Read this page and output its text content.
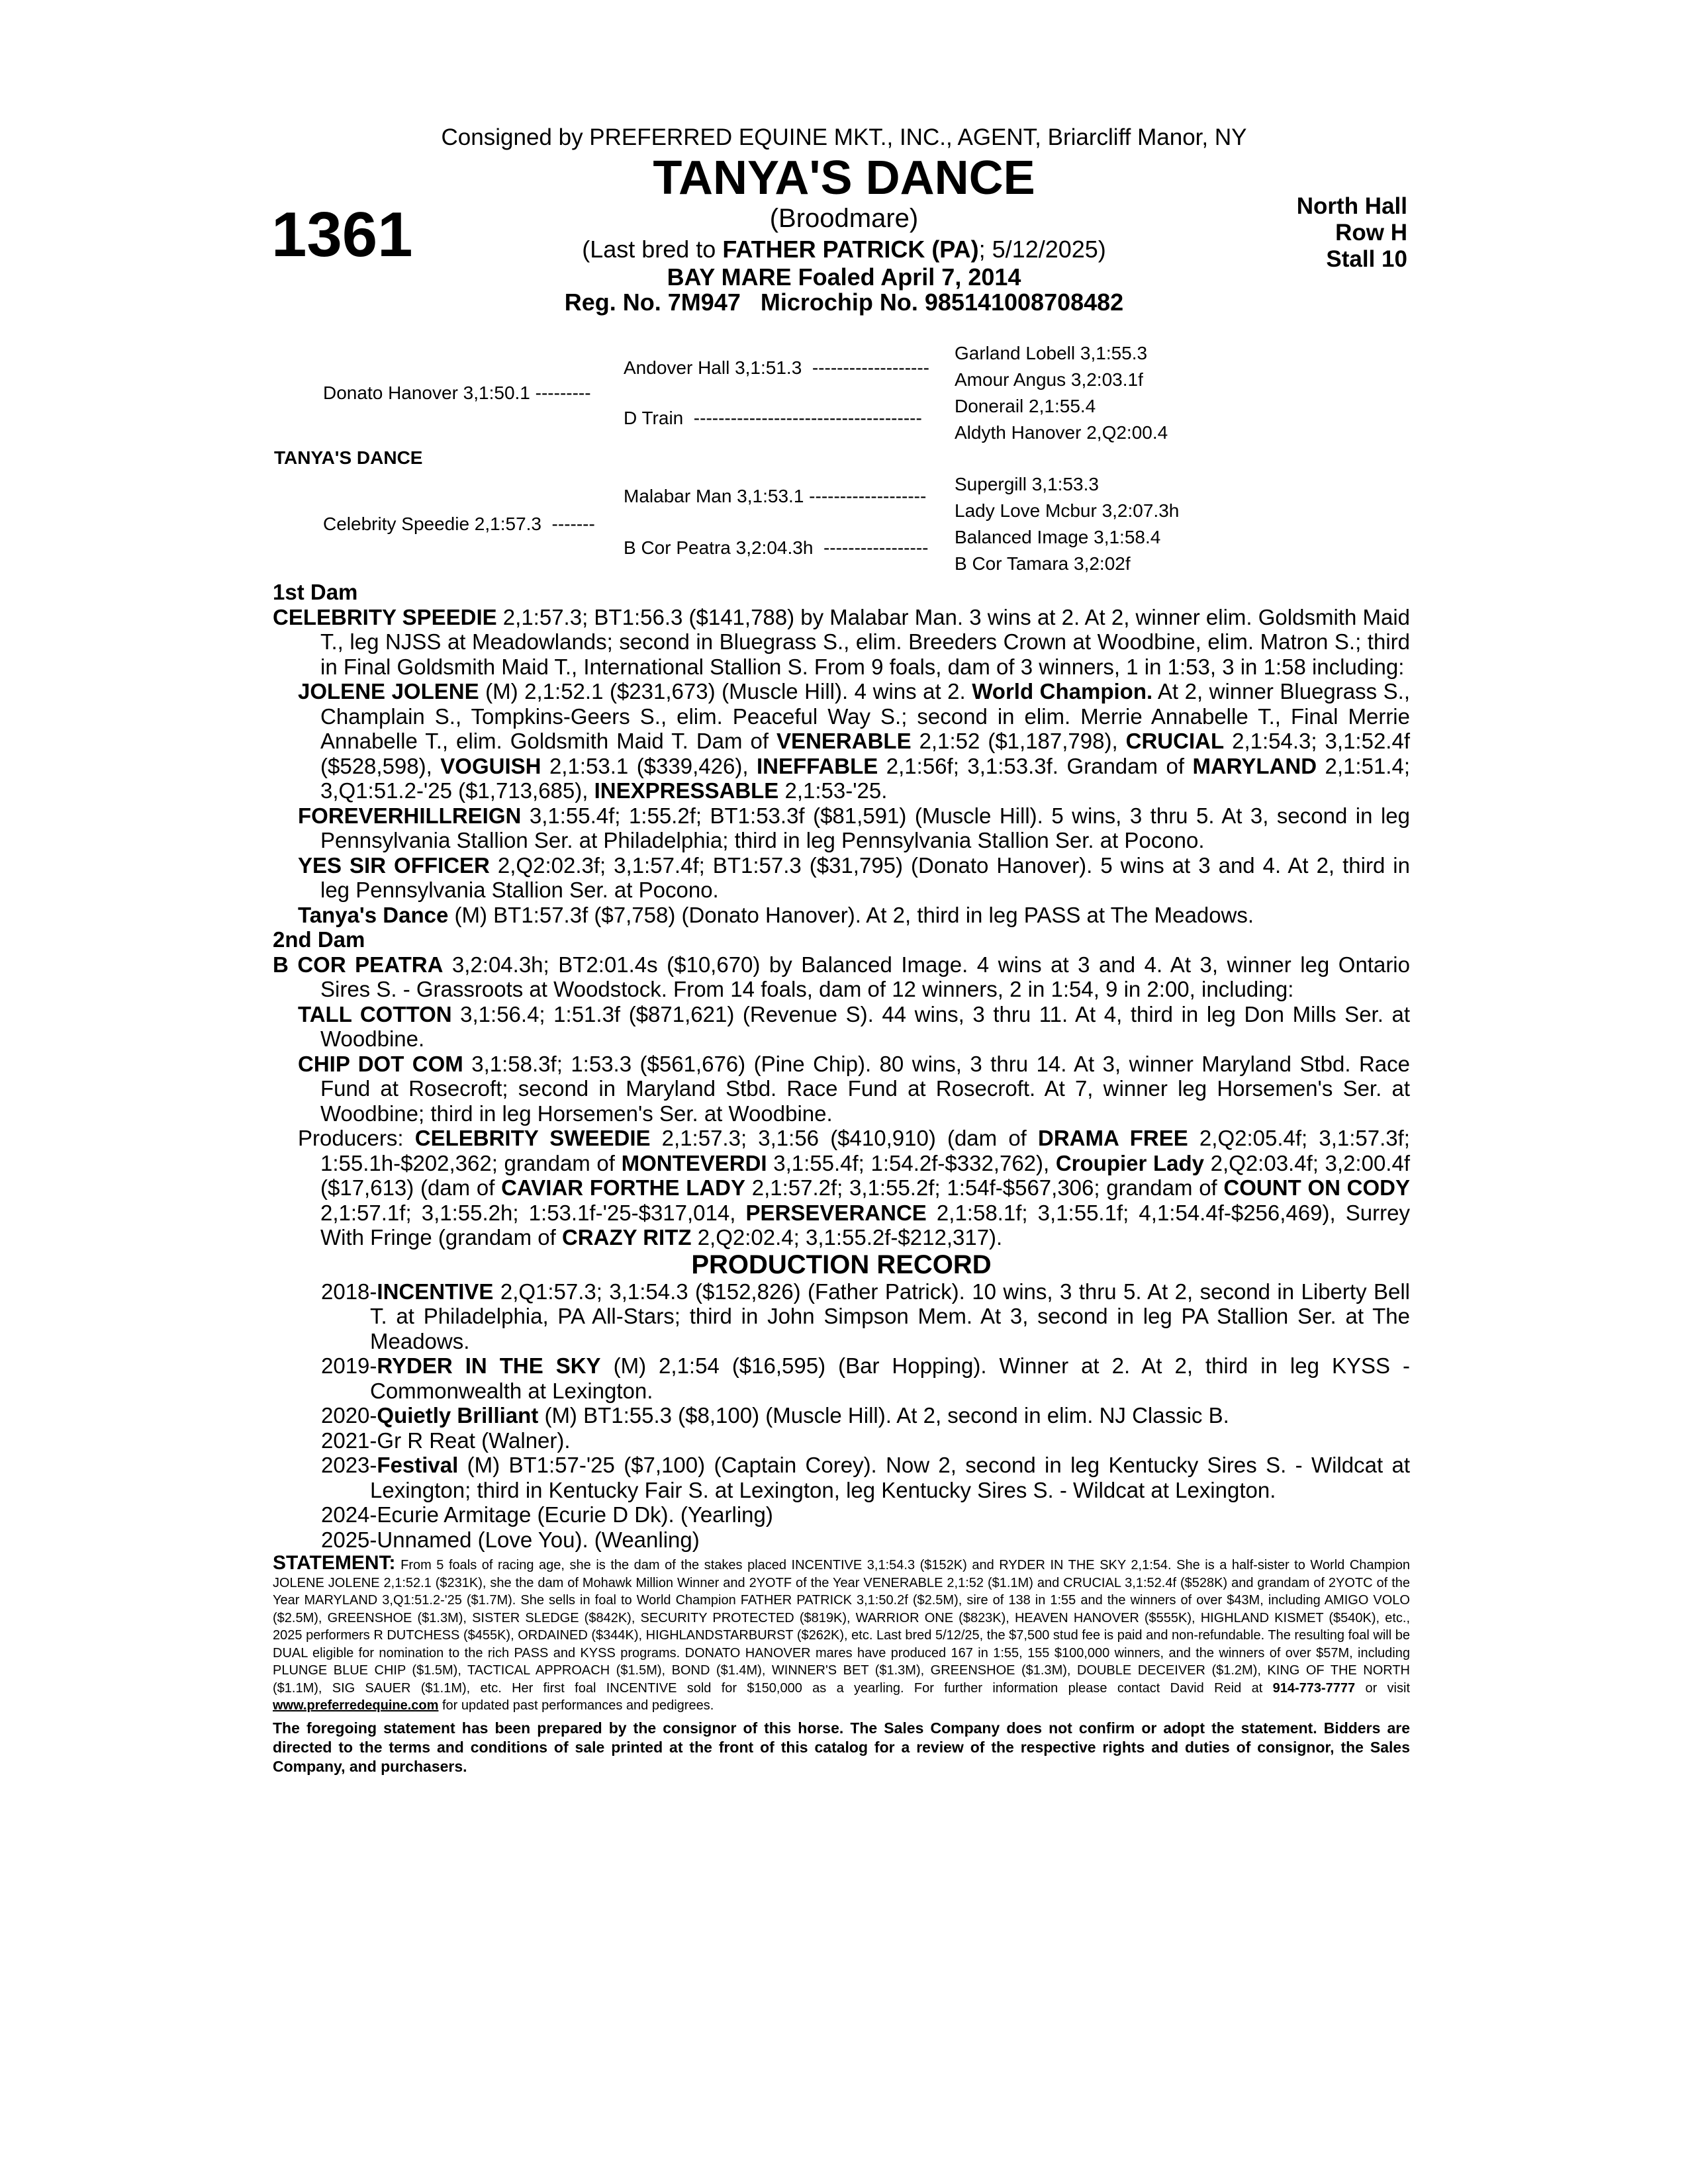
Consigned by PREFERRED EQUINE MKT., INC., AGENT, Briarcliff Manor, NY
TANYA'S DANCE
1361	North Hall
Row H
Stall 10
(Broodmare)
(Last bred to FATHER PATRICK (PA); 5/12/2025)
BAY MARE Foaled April 7, 2014
Reg. No. 7M947   Microchip No. 985141008708482
Donato Hanover 3,1:50.1 ---------
TANYA'S DANCE
Celebrity Speedie 2,1:57.3  -------
Andover Hall 3,1:51.3  -------------------
D Train  -------------------------------------
Malabar Man 3,1:53.1 -------------------
B Cor Peatra 3,2:04.3h  -----------------
Garland Lobell 3,1:55.3
Amour Angus 3,2:03.1f
Donerail 2,1:55.4
Aldyth Hanover 2,Q2:00.4
Supergill 3,1:53.3
Lady Love Mcbur 3,2:07.3h
Balanced Image 3,1:58.4
B Cor Tamara 3,2:02f
1st Dam
CELEBRITY SPEEDIE 2,1:57.3; BT1:56.3 ($141,788) by Malabar Man. 3 wins at 2. At 2, winner elim. Goldsmith Maid T., leg NJSS at Meadowlands; second in Bluegrass S., elim. Breeders Crown at Woodbine, elim. Matron S.; third in Final Goldsmith Maid T., International Stallion S. From 9 foals, dam of 3 winners, 1 in 1:53, 3 in 1:58 including:
JOLENE JOLENE (M) 2,1:52.1 ($231,673) (Muscle Hill). 4 wins at 2. World Champion. At 2, winner Bluegrass S., Champlain S., Tompkins-Geers S., elim. Peaceful Way S.; second in elim. Merrie Annabelle T., Final Merrie Annabelle T., elim. Goldsmith Maid T. Dam of VENERABLE 2,1:52 ($1,187,798), CRUCIAL 2,1:54.3; 3,1:52.4f ($528,598), VOGUISH 2,1:53.1 ($339,426), INEFFABLE 2,1:56f; 3,1:53.3f. Grandam of MARYLAND 2,1:51.4; 3,Q1:51.2-'25 ($1,713,685), INEXPRESSABLE 2,1:53-'25.
FOREVERHILLREIGN 3,1:55.4f; 1:55.2f; BT1:53.3f ($81,591) (Muscle Hill). 5 wins, 3 thru 5. At 3, second in leg Pennsylvania Stallion Ser. at Philadelphia; third in leg Pennsylvania Stallion Ser. at Pocono.
YES SIR OFFICER 2,Q2:02.3f; 3,1:57.4f; BT1:57.3 ($31,795) (Donato Hanover). 5 wins at 3 and 4. At 2, third in leg Pennsylvania Stallion Ser. at Pocono.
Tanya's Dance (M) BT1:57.3f ($7,758) (Donato Hanover). At 2, third in leg PASS at The Meadows.
2nd Dam
B COR PEATRA 3,2:04.3h; BT2:01.4s ($10,670) by Balanced Image. 4 wins at 3 and 4. At 3, winner leg Ontario Sires S. - Grassroots at Woodstock. From 14 foals, dam of 12 winners, 2 in 1:54, 9 in 2:00, including:
TALL COTTON 3,1:56.4; 1:51.3f ($871,621) (Revenue S). 44 wins, 3 thru 11. At 4, third in leg Don Mills Ser. at Woodbine.
CHIP DOT COM 3,1:58.3f; 1:53.3 ($561,676) (Pine Chip). 80 wins, 3 thru 14. At 3, winner Maryland Stbd. Race Fund at Rosecroft; second in Maryland Stbd. Race Fund at Rosecroft. At 7, winner leg Horsemen's Ser. at Woodbine; third in leg Horsemen's Ser. at Woodbine.
Producers: CELEBRITY SWEEDIE 2,1:57.3; 3,1:56 ($410,910) (dam of DRAMA FREE 2,Q2:05.4f; 3,1:57.3f; 1:55.1h-$202,362; grandam of MONTEVERDI 3,1:55.4f; 1:54.2f-$332,762), Croupier Lady 2,Q2:03.4f; 3,2:00.4f ($17,613) (dam of CAVIAR FORTHE LADY 2,1:57.2f; 3,1:55.2f; 1:54f-$567,306; grandam of COUNT ON CODY 2,1:57.1f; 3,1:55.2h; 1:53.1f-'25-$317,014, PERSEVERANCE 2,1:58.1f; 3,1:55.1f; 4,1:54.4f-$256,469), Surrey With Fringe (grandam of CRAZY RITZ 2,Q2:02.4; 3,1:55.2f-$212,317).
PRODUCTION RECORD
2018-INCENTIVE 2,Q1:57.3; 3,1:54.3 ($152,826) (Father Patrick). 10 wins, 3 thru 5. At 2, second in Liberty Bell T. at Philadelphia, PA All-Stars; third in John Simpson Mem. At 3, second in leg PA Stallion Ser. at The Meadows.
2019-RYDER IN THE SKY (M) 2,1:54 ($16,595) (Bar Hopping). Winner at 2. At 2, third in leg KYSS - Commonwealth at Lexington.
2020-Quietly Brilliant (M) BT1:55.3 ($8,100) (Muscle Hill). At 2, second in elim. NJ Classic B.
2021-Gr R Reat (Walner).
2023-Festival (M) BT1:57-'25 ($7,100) (Captain Corey). Now 2, second in leg Kentucky Sires S. - Wildcat at Lexington; third in Kentucky Fair S. at Lexington, leg Kentucky Sires S. - Wildcat at Lexington.
2024-Ecurie Armitage (Ecurie D Dk). (Yearling)
2025-Unnamed (Love You). (Weanling)
STATEMENT: From 5 foals of racing age, she is the dam of the stakes placed INCENTIVE 3,1:54.3 ($152K) and RYDER IN THE SKY 2,1:54. She is a half-sister to World Champion JOLENE JOLENE 2,1:52.1 ($231K), she the dam of Mohawk Million Winner and 2YOTF of the Year VENERABLE 2,1:52 ($1.1M) and CRUCIAL 3,1:52.4f ($528K) and grandam of 2YOTC of the Year MARYLAND 3,Q1:51.2-'25 ($1.7M). She sells in foal to World Champion FATHER PATRICK 3,1:50.2f ($2.5M), sire of 138 in 1:55 and the winners of over $43M, including AMIGO VOLO ($2.5M), GREENSHOE ($1.3M), SISTER SLEDGE ($842K), SECURITY PROTECTED ($819K), WARRIOR ONE ($823K), HEAVEN HANOVER ($555K), HIGHLAND KISMET ($540K), etc., 2025 performers R DUTCHESS ($455K), ORDAINED ($344K), HIGHLANDSTARBURST ($262K), etc. Last bred 5/12/25, the $7,500 stud fee is paid and non-refundable. The resulting foal will be DUAL eligible for nomination to the rich PASS and KYSS programs. DONATO HANOVER mares have produced 167 in 1:55, 155 $100,000 winners, and the winners of over $57M, including PLUNGE BLUE CHIP ($1.5M), TACTICAL APPROACH ($1.5M), BOND ($1.4M), WINNER'S BET ($1.3M), GREENSHOE ($1.3M), DOUBLE DECEIVER ($1.2M), KING OF THE NORTH ($1.1M), SIG SAUER ($1.1M), etc. Her first foal INCENTIVE sold for $150,000 as a yearling. For further information please contact David Reid at 914-773-7777 or visit www.preferredequine.com for updated past performances and pedigrees.
The foregoing statement has been prepared by the consignor of this horse. The Sales Company does not confirm or adopt the statement. Bidders are directed to the terms and conditions of sale printed at the front of this catalog for a review of the respective rights and duties of consignor, the Sales Company, and purchasers.
